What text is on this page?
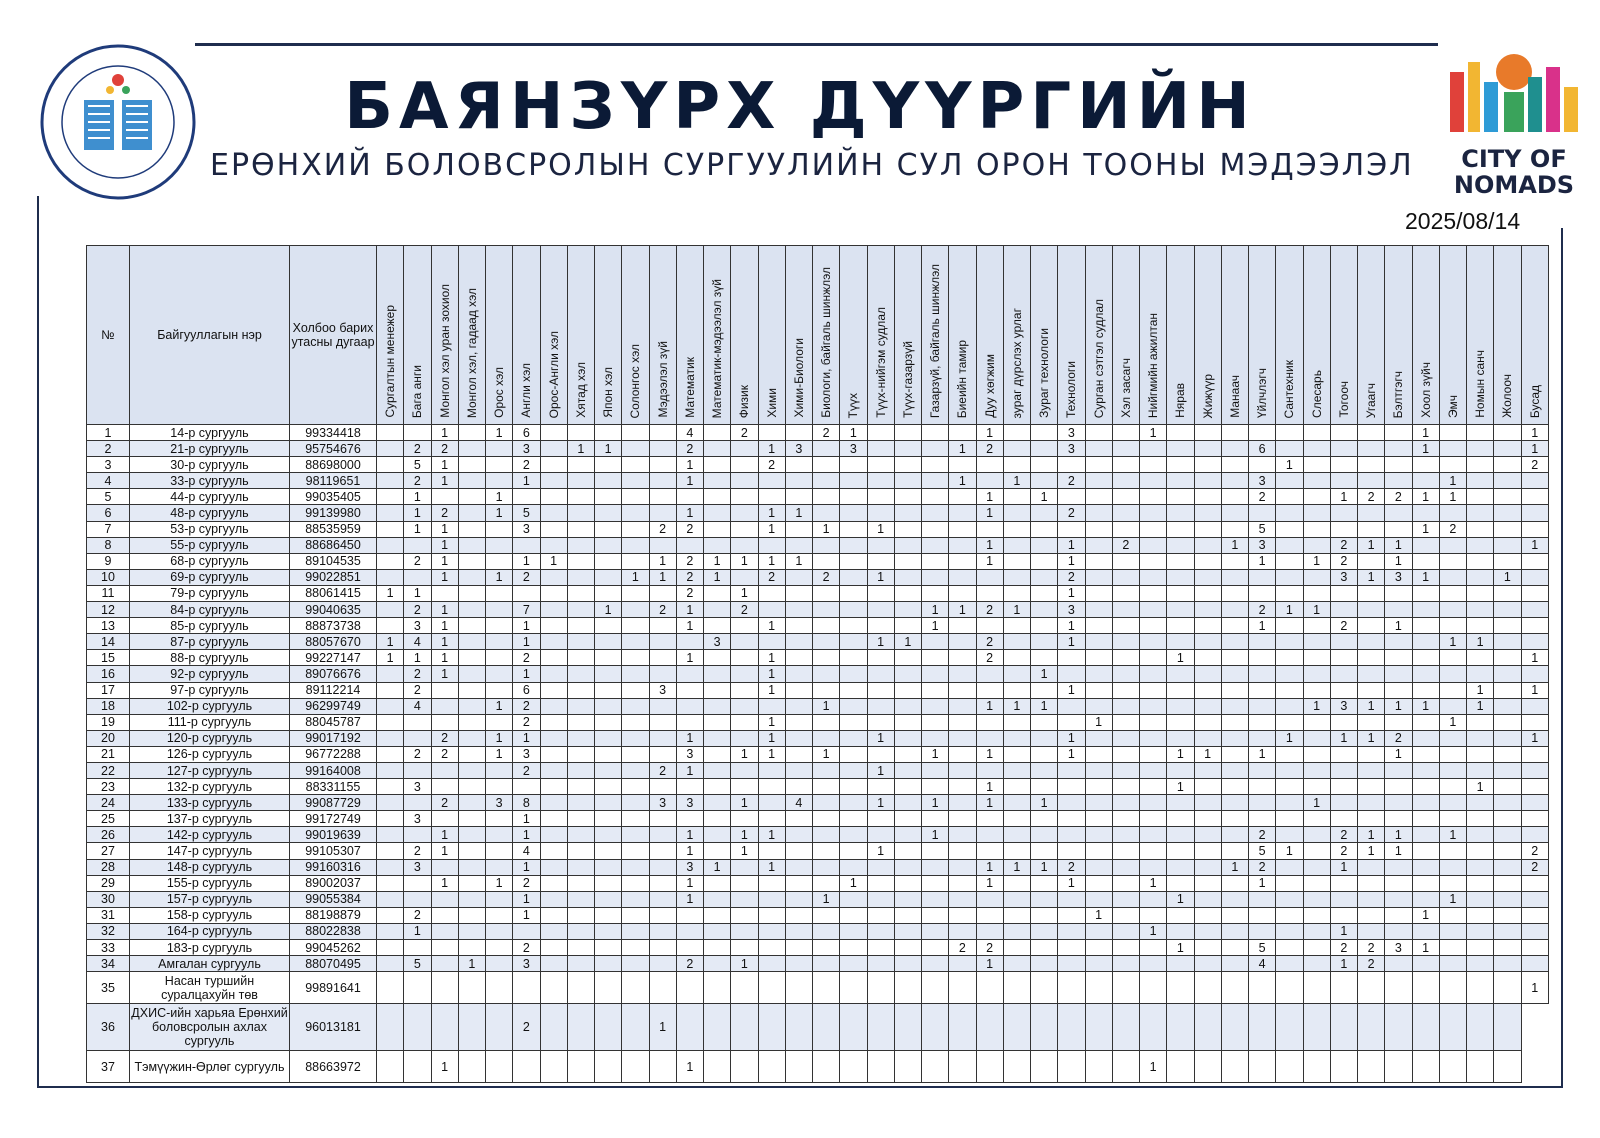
БАЯНЗҮРХ ДҮҮРГИЙН
ЕРӨНХИЙ БОЛОВСРОЛЫН СУРГУУЛИЙН СУЛ ОРОН ТООНЫ МЭДЭЭЛЭЛ
2025/08/14
CITY OF NOMADS
№	Байгууллагын нэр	Холбоо барих утасны дугаар	Сургалтын менежер	Бага анги	Монгол хэл уран зохиол	Монгол хэл, гадаад хэл	Орос хэл	Англи хэл	Орос-Англи хэл	Хятад хэл	Япон хэл	Солонгос хэл	Мэдээлэл зүй	Математик	Математик-мэдээлэл зүй	Физик	Хими	Хими-Биологи	Биологи, байгаль шинжлэл	Түүх	Түүх-нийгэм судлал	Түүх-газарзүй	Газарзүй, байгаль шинжлэл	Биеийн тамир	Дуу хөгжим	зураг дүрслэх урлаг	Зураг технологи	Технологи	Сурган сэтгэл судлал	Хэл засагч	Нийгмийн ажилтан	Нярав	Жижүүр	Манаач	Үйлчлэгч	Сантехник	Слесарь	Тогооч	Угаагч	Бэлтгэгч	Хоол зүйч	Эмч	Номын санч	Жолооч	Бусад
1	14-р сургууль	99334418			1		1	6						4		2			2	1					1			3			1										1				1
2	21-р сургууль	95754676		2	2			3		1	1			2			1	3		3				1	2			3							6						1				1
3	30-р сургууль	88698000		5	1			2						1			2																			1									2
4	33-р сургууль	98119651		2	1			1						1										1		1		2							3							1			
5	44-р сургууль	99035405		1			1																		1		1								2			1	2	2	1	1			
6	48-р сургууль	99139980		1	2		1	5						1			1	1							1			2																	
7	53-р сургууль	88535959		1	1			3					2	2			1		1		1														5						1	2			
8	55-р сургууль	88686450			1																				1			1		2				1	3			2	1	1					1
9	68-р сургууль	89104535		2	1			1	1				1	2	1	1	1	1							1			1							1		1	2		1					
10	69-р сургууль	99022851			1		1	2				1	1	2	1		2		2		1							2										3	1	3	1			1	
11	79-р сургууль	88061415	1	1										2		1												1																	
12	84-р сургууль	99040635		2	1			7			1		2	1		2							1	1	2	1		3							2	1	1								
13	85-р сургууль	88873738		3	1			1						1			1						1					1							1			2		1					
14	87-р сургууль	88057670	1	4	1			1							3						1	1			2			1														1	1		
15	88-р сургууль	99227147	1	1	1			2						1			1								2							1													1
16	92-р сургууль	89076676		2	1			1									1										1																		
17	97-р сургууль	89112214		2				6					3				1											1															1		1
18	102-р сургууль	96299749		4			1	2											1						1	1	1										1	3	1	1	1		1		
19	111-р сургууль	88045787						2									1												1													1			
20	120-р сургууль	99017192			2		1	1						1			1				1							1								1		1	1	2					1
21	126-р сургууль	96772288		2	2		1	3						3		1	1		1				1		1			1				1	1		1					1					
22	127-р сургууль	99164008						2					2	1							1																								
23	132-р сургууль	88331155		3																					1							1											1		
24	133-р сургууль	99087729			2		3	8					3	3		1		4			1		1		1		1										1								
25	137-р сургууль	99172749		3				1																																					
26	142-р сургууль	99019639			1			1						1		1	1						1												2			2	1	1		1			
27	147-р сургууль	99105307		2	1			4						1		1					1														5	1		2	1	1					2
28	148-р сургууль	99160316		3				1						3	1		1								1	1	1	2						1	2			1							2
29	155-р сургууль	89002037			1		1	2						1						1					1			1			1				1										
30	157-р сургууль	99055384						1						1					1													1										1			
31	158-р сургууль	88198879		2				1																					1												1				
32	164-р сургууль	88022838		1																											1							1							
33	183-р сургууль	99045262						2																2	2							1			5			2	2	3	1				
34	Амгалан сургууль	88070495		5		1		3						2		1									1										4			1	2						
35	Насан туршийн суралцахуйн төв	99891641																																											1
36	ДХИС-ийн харьяа Ерөнхий боловсролын ахлах сургууль	96013181						2					1																																
37	Тэмүүжин-Өрлөг сургууль	88663972			1									1																	1														
